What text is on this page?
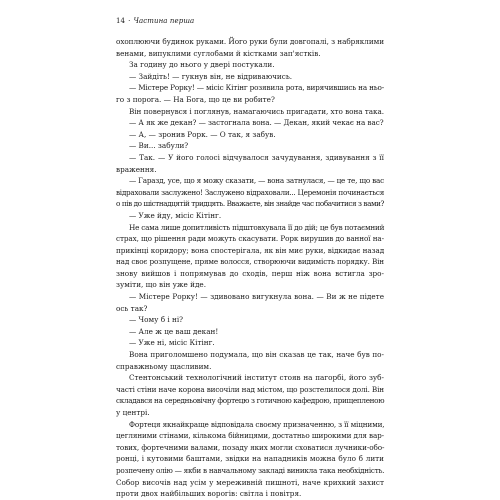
14 · Частина перша
охоплюючи будинок руками. Його руки були довгопалі, з набряклими
венами, випуклими суглобами й кістками зап'ястків.
За годину до нього у двері постукали.
— Зайдіть! — гукнув він, не відриваючись.
— Містере Рорку! — місіс Кітінг розявила рота, вирячившись на ньо-
го з порога. — На Бога, що це ви робите?
Він повернувся і поглянув, намагаючись пригадати, хто вона така.
— А як же декан? — застогнала вона. — Декан, який чекає на вас?
— А, — зронив Рорк. — О так, я забув.
— Ви... забули?
— Так. — У його голосі відчувалося зачудування, здивування з її
враження.
— Гаразд, усе, що я можу сказати, — вона затнулася, — це те, що вас
відраховали заслужено! Заслужено відраховали... Церемонія починається
о пів до шістнадцятій тридцять. Вважаєте, він знайде час побачитися з вами?
— Уже йду, місіс Кітінг.
Не сама лише допитливість підштовхувала її до дій; це був потаємний
страх, що рішення ради можуть скасувати. Рорк вирушив до ванної на-
прикінці коридору; вона спостерігала, як він миє руки, відкидає назад
над своє розпущене, пряме волосся, створюючи видимість порядку. Він
знову вийшов і попрямував до сходів, перш ніж вона встигла зро-
зуміти, що він уже йде.
— Містере Рорку! — здивовано вигукнула вона. — Ви ж не підете
ось так?
— Чому б і ні?
— Але ж це ваш декан!
— Уже ні, місіс Кітінг.
Вона приголомшено подумала, що він сказав це так, наче був по-
справжньому щасливим.
Стентонський технологічний інститут стояв на пагорбі, його зуб-
часті стіни наче корона височіли над містом, що розстелилося долі. Він
складався на середньовічну фортецю з готичною кафедрою, прищепленою
у центрі.
Фортеця якнайкраще відповідала своєму призначенню, з її міцними,
цегляними стінами, кількома бійницями, достатньо широкими для вар-
тових, фортечними валами, позаду яких могли сховатися лучники-обо-
ронці, і кутовими баштами, звідки на нападників можна було б лити
розпечену олію — якби в навчальному закладі виникла така необхідність.
Собор височів над усім у мереживній пишноті, наче крихкий захист
проти двох найбільших ворогів: світла і повітря.
